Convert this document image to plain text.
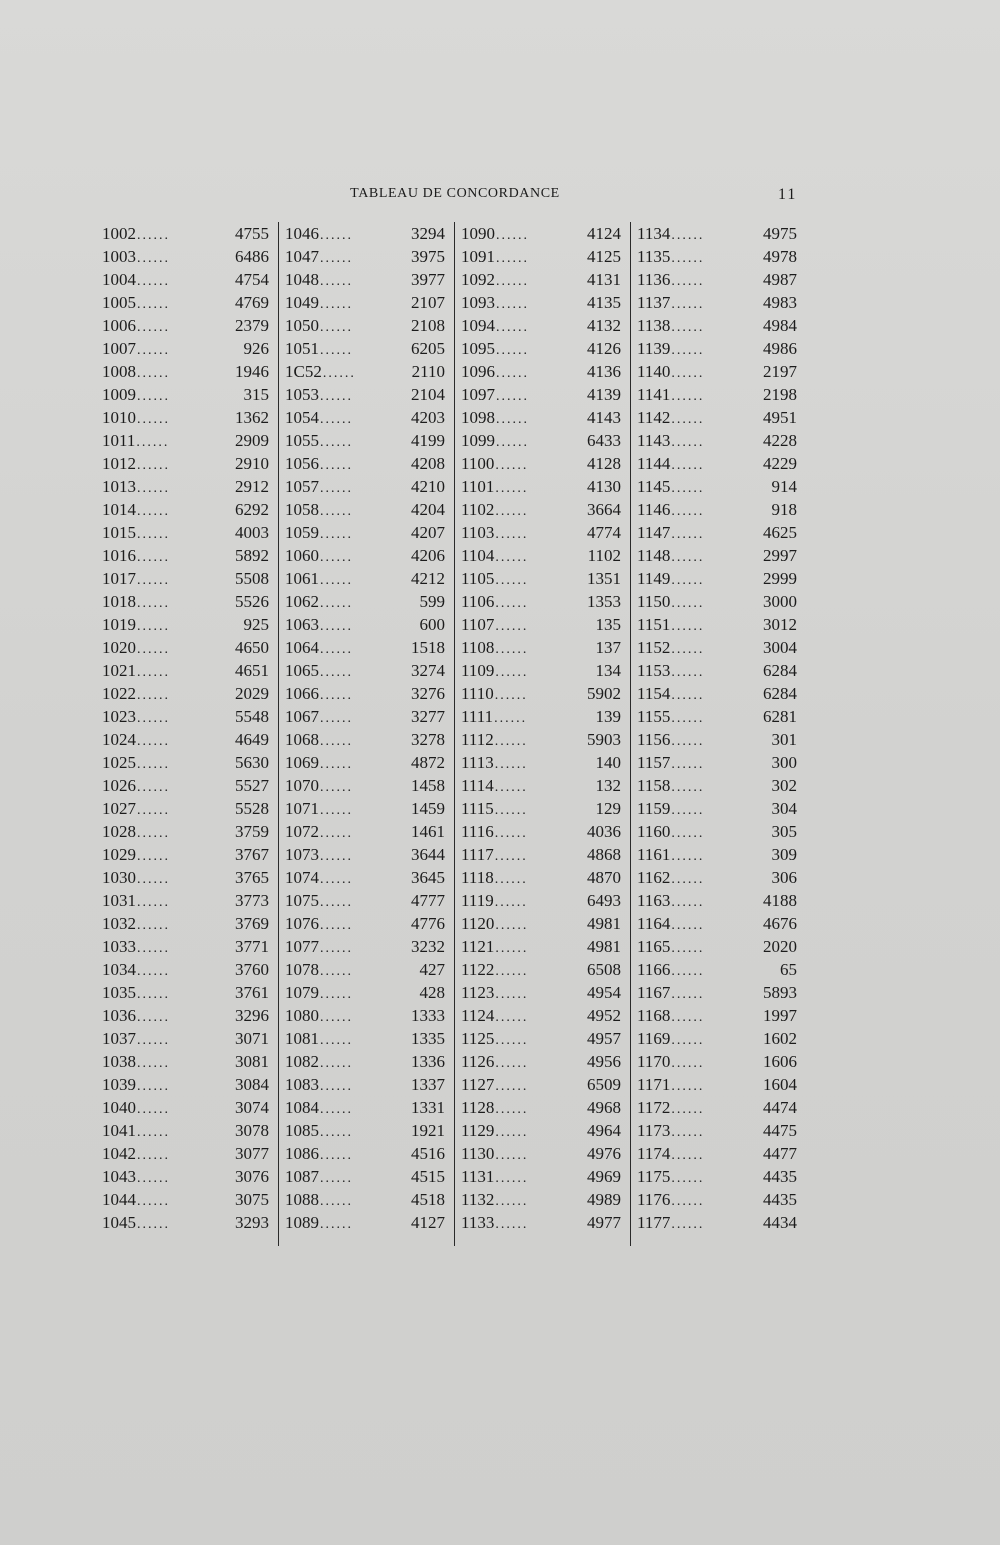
TABLEAU DE CONCORDANCE	11
1002 ......	4755
1003 ......	6486
1004 ......	4754
1005 ......	4769
1006 ......	2379
1007 ......	926
1008 ......	1946
1009 ......	315
1010 ......	1362
1011 ......	2909
1012 ......	2910
1013 ......	2912
1014 ......	6292
1015 ......	4003
1016 ......	5892
1017 ......	5508
1018 ......	5526
1019 ......	925
1020 ......	4650
1021 ......	4651
1022 ......	2029
1023 ......	5548
1024 ......	4649
1025 ......	5630
1026 ......	5527
1027 ......	5528
1028 ......	3759
1029 ......	3767
1030 ......	3765
1031 ......	3773
1032 ......	3769
1033 ......	3771
1034 ......	3760
1035 ......	3761
1036 ......	3296
1037 ......	3071
1038 ......	3081
1039 ......	3084
1040 ......	3074
1041 ......	3078
1042 ......	3077
1043 ......	3076
1044 ......	3075
1045 ......	3293
1046 ......	3294
1047 ......	3975
1048 ......	3977
1049 ......	2107
1050 ......	2108
1051 ......	6205
1C52 ......	2110
1053 ......	2104
1054 ......	4203
1055 ......	4199
1056 ......	4208
1057 ......	4210
1058 ......	4204
1059 ......	4207
1060 ......	4206
1061 ......	4212
1062 ......	599
1063 ......	600
1064 ......	1518
1065 ......	3274
1066 ......	3276
1067 ......	3277
1068 ......	3278
1069 ......	4872
1070 ......	1458
1071 ......	1459
1072 ......	1461
1073 ......	3644
1074 ......	3645
1075 ......	4777
1076 ......	4776
1077 ......	3232
1078 ......	427
1079 ......	428
1080 ......	1333
1081 ......	1335
1082 ......	1336
1083 ......	1337
1084 ......	1331
1085 ......	1921
1086 ......	4516
1087 ......	4515
1088 ......	4518
1089 ......	4127
1090 ......	4124
1091 ......	4125
1092 ......	4131
1093 ......	4135
1094 ......	4132
1095 ......	4126
1096 ......	4136
1097 ......	4139
1098 ......	4143
1099 ......	6433
1100 ......	4128
1101 ......	4130
1102 ......	3664
1103 ......	4774
1104 ......	1102
1105 ......	1351
1106 ......	1353
1107 ......	135
1108 ......	137
1109 ......	134
1110 ......	5902
1111 ......	139
1112 ......	5903
1113 ......	140
1114 ......	132
1115 ......	129
1116 ......	4036
1117 ......	4868
1118 ......	4870
1119 ......	6493
1120 ......	4981
1121 ......	4981
1122 ......	6508
1123 ......	4954
1124 ......	4952
1125 ......	4957
1126 ......	4956
1127 ......	6509
1128 ......	4968
1129 ......	4964
1130 ......	4976
1131 ......	4969
1132 ......	4989
1133 ......	4977
1134 ......	4975
1135 ......	4978
1136 ......	4987
1137 ......	4983
1138 ......	4984
1139 ......	4986
1140 ......	2197
1141 ......	2198
1142 ......	4951
1143 ......	4228
1144 ......	4229
1145 ......	914
1146 ......	918
1147 ......	4625
1148 ......	2997
1149 ......	2999
1150 ......	3000
1151 ......	3012
1152 ......	3004
1153 ......	6284
1154 ......	6284
1155 ......	6281
1156 ......	301
1157 ......	300
1158 ......	302
1159 ......	304
1160 ......	305
1161 ......	309
1162 ......	306
1163 ......	4188
1164 ......	4676
1165 ......	2020
1166 ......	65
1167 ......	5893
1168 ......	1997
1169 ......	1602
1170 ......	1606
1171 ......	1604
1172 ......	4474
1173 ......	4475
1174 ......	4477
1175 ......	4435
1176 ......	4435
1177 ......	4434
